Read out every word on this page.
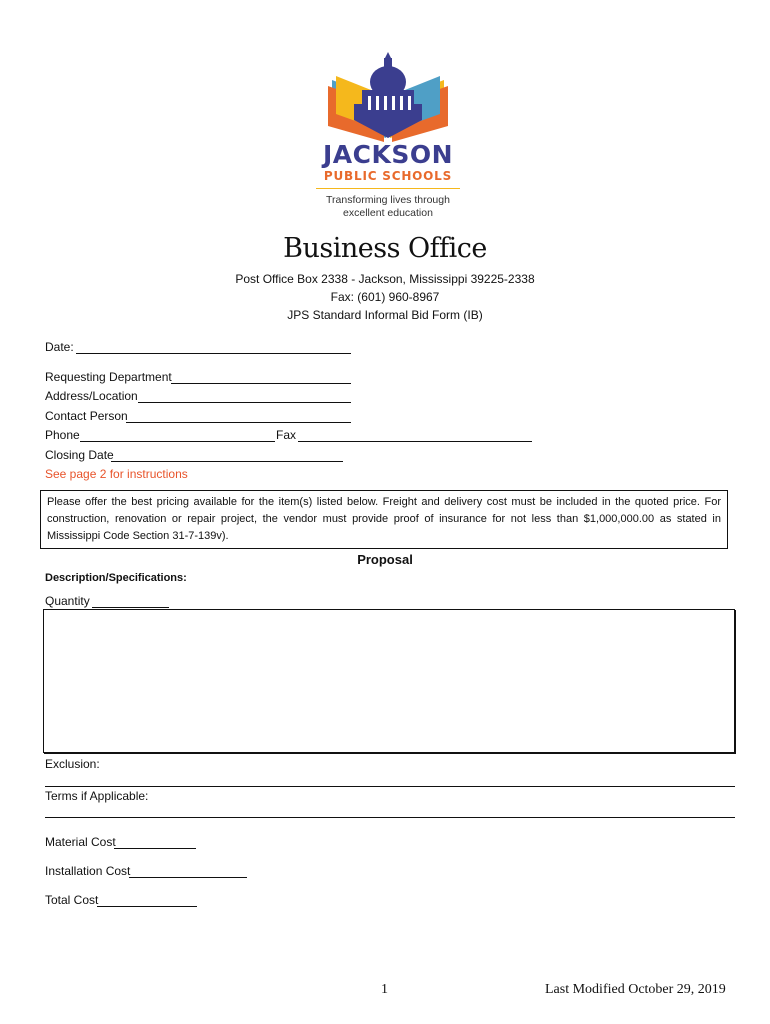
JACKSON
PUBLIC SCHOOLS
Transforming lives through
excellent education
Business Office
Post Office Box 2338 - Jackson, Mississippi 39225-2338
Fax: (601) 960-8967
JPS Standard Informal Bid Form (IB)
Date:
Requesting Department
Address/Location
Contact Person
Phone	Fax
Closing Date
See page 2 for instructions
Please offer the best pricing available for the item(s) listed below. Freight and delivery cost must be included in the quoted price. For construction, renovation or repair project, the vendor must provide proof of insurance for not less than $1,000,000.00 as stated in Mississippi Code Section 31-7-139v).
Proposal
Description/Specifications:
Quantity
Exclusion:
Terms if Applicable:
Material Cost
Installation Cost
Total Cost
1	Last Modified October 29, 2019
